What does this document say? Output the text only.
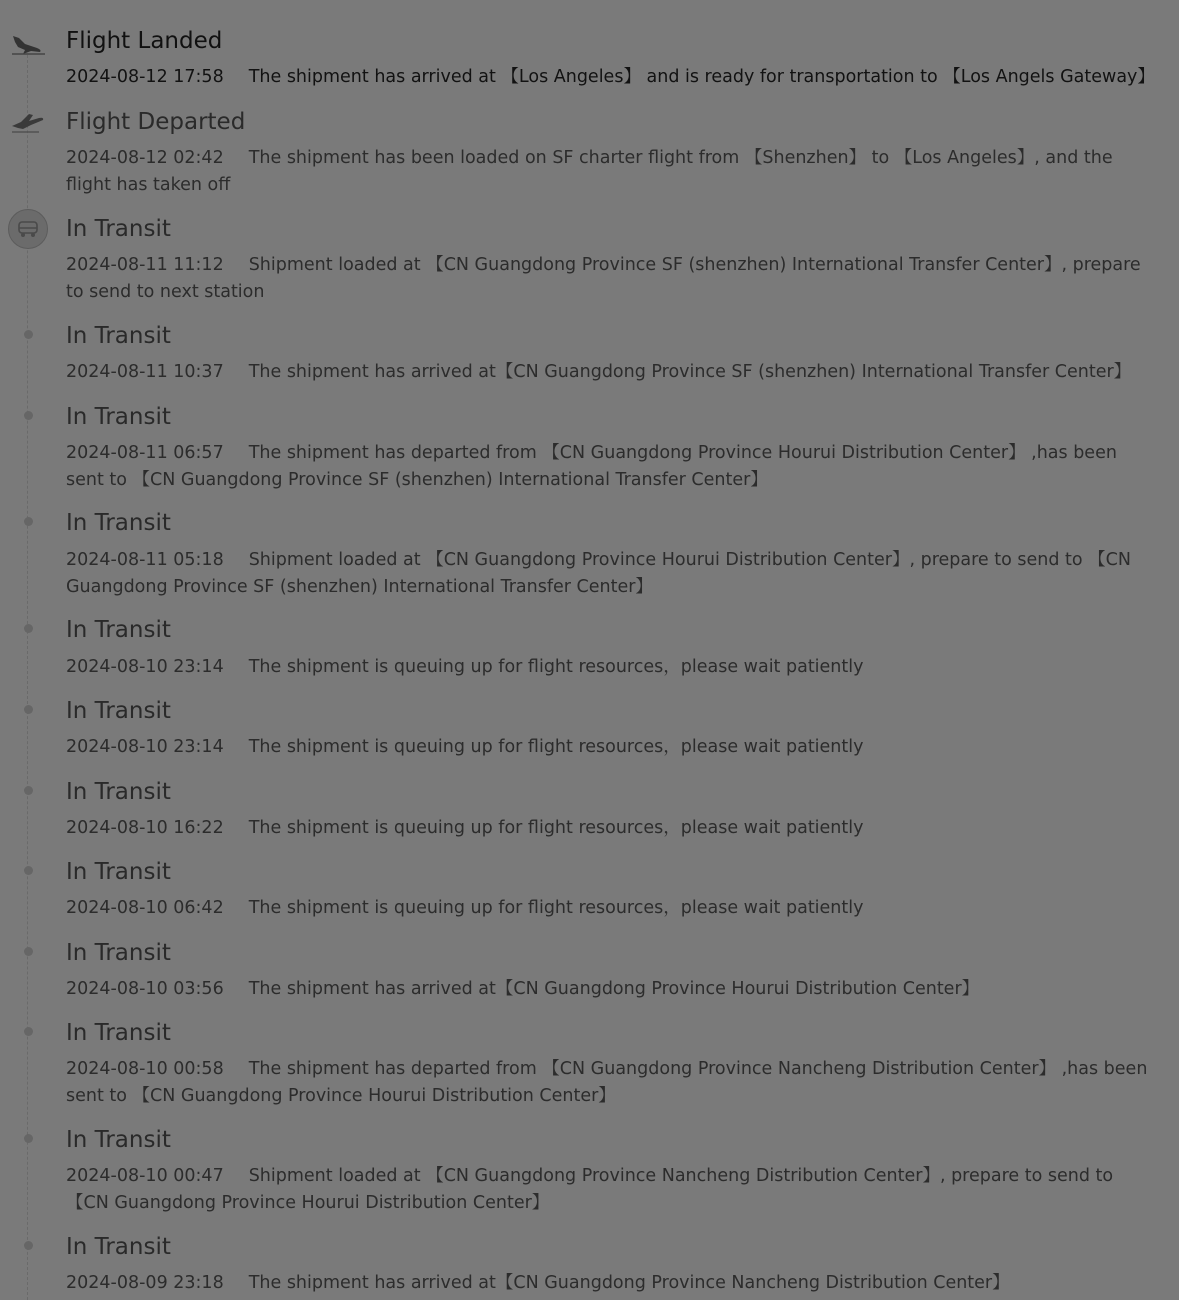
Flight Landed
2024-08-12 17:58 The shipment has arrived at 【Los Angeles】 and is ready for transportation to 【Los Angels Gateway】
Flight Departed
2024-08-12 02:42 The shipment has been loaded on SF charter flight from 【Shenzhen】 to 【Los Angeles】, and the flight has taken off
In Transit
2024-08-11 11:12 Shipment loaded at 【CN Guangdong Province SF (shenzhen) International Transfer Center】, prepare to send to next station
In Transit
2024-08-11 10:37 The shipment has arrived at【CN Guangdong Province SF (shenzhen) International Transfer Center】
In Transit
2024-08-11 06:57 The shipment has departed from 【CN Guangdong Province Hourui Distribution Center】 ,has been sent to 【CN Guangdong Province SF (shenzhen) International Transfer Center】
In Transit
2024-08-11 05:18 Shipment loaded at 【CN Guangdong Province Hourui Distribution Center】, prepare to send to 【CN Guangdong Province SF (shenzhen) International Transfer Center】
In Transit
2024-08-10 23:14 The shipment is queuing up for flight resources，please wait patiently
In Transit
2024-08-10 23:14 The shipment is queuing up for flight resources，please wait patiently
In Transit
2024-08-10 16:22 The shipment is queuing up for flight resources，please wait patiently
In Transit
2024-08-10 06:42 The shipment is queuing up for flight resources，please wait patiently
In Transit
2024-08-10 03:56 The shipment has arrived at【CN Guangdong Province Hourui Distribution Center】
In Transit
2024-08-10 00:58 The shipment has departed from 【CN Guangdong Province Nancheng Distribution Center】 ,has been sent to 【CN Guangdong Province Hourui Distribution Center】
In Transit
2024-08-10 00:47 Shipment loaded at 【CN Guangdong Province Nancheng Distribution Center】, prepare to send to 【CN Guangdong Province Hourui Distribution Center】
In Transit
2024-08-09 23:18 The shipment has arrived at【CN Guangdong Province Nancheng Distribution Center】
